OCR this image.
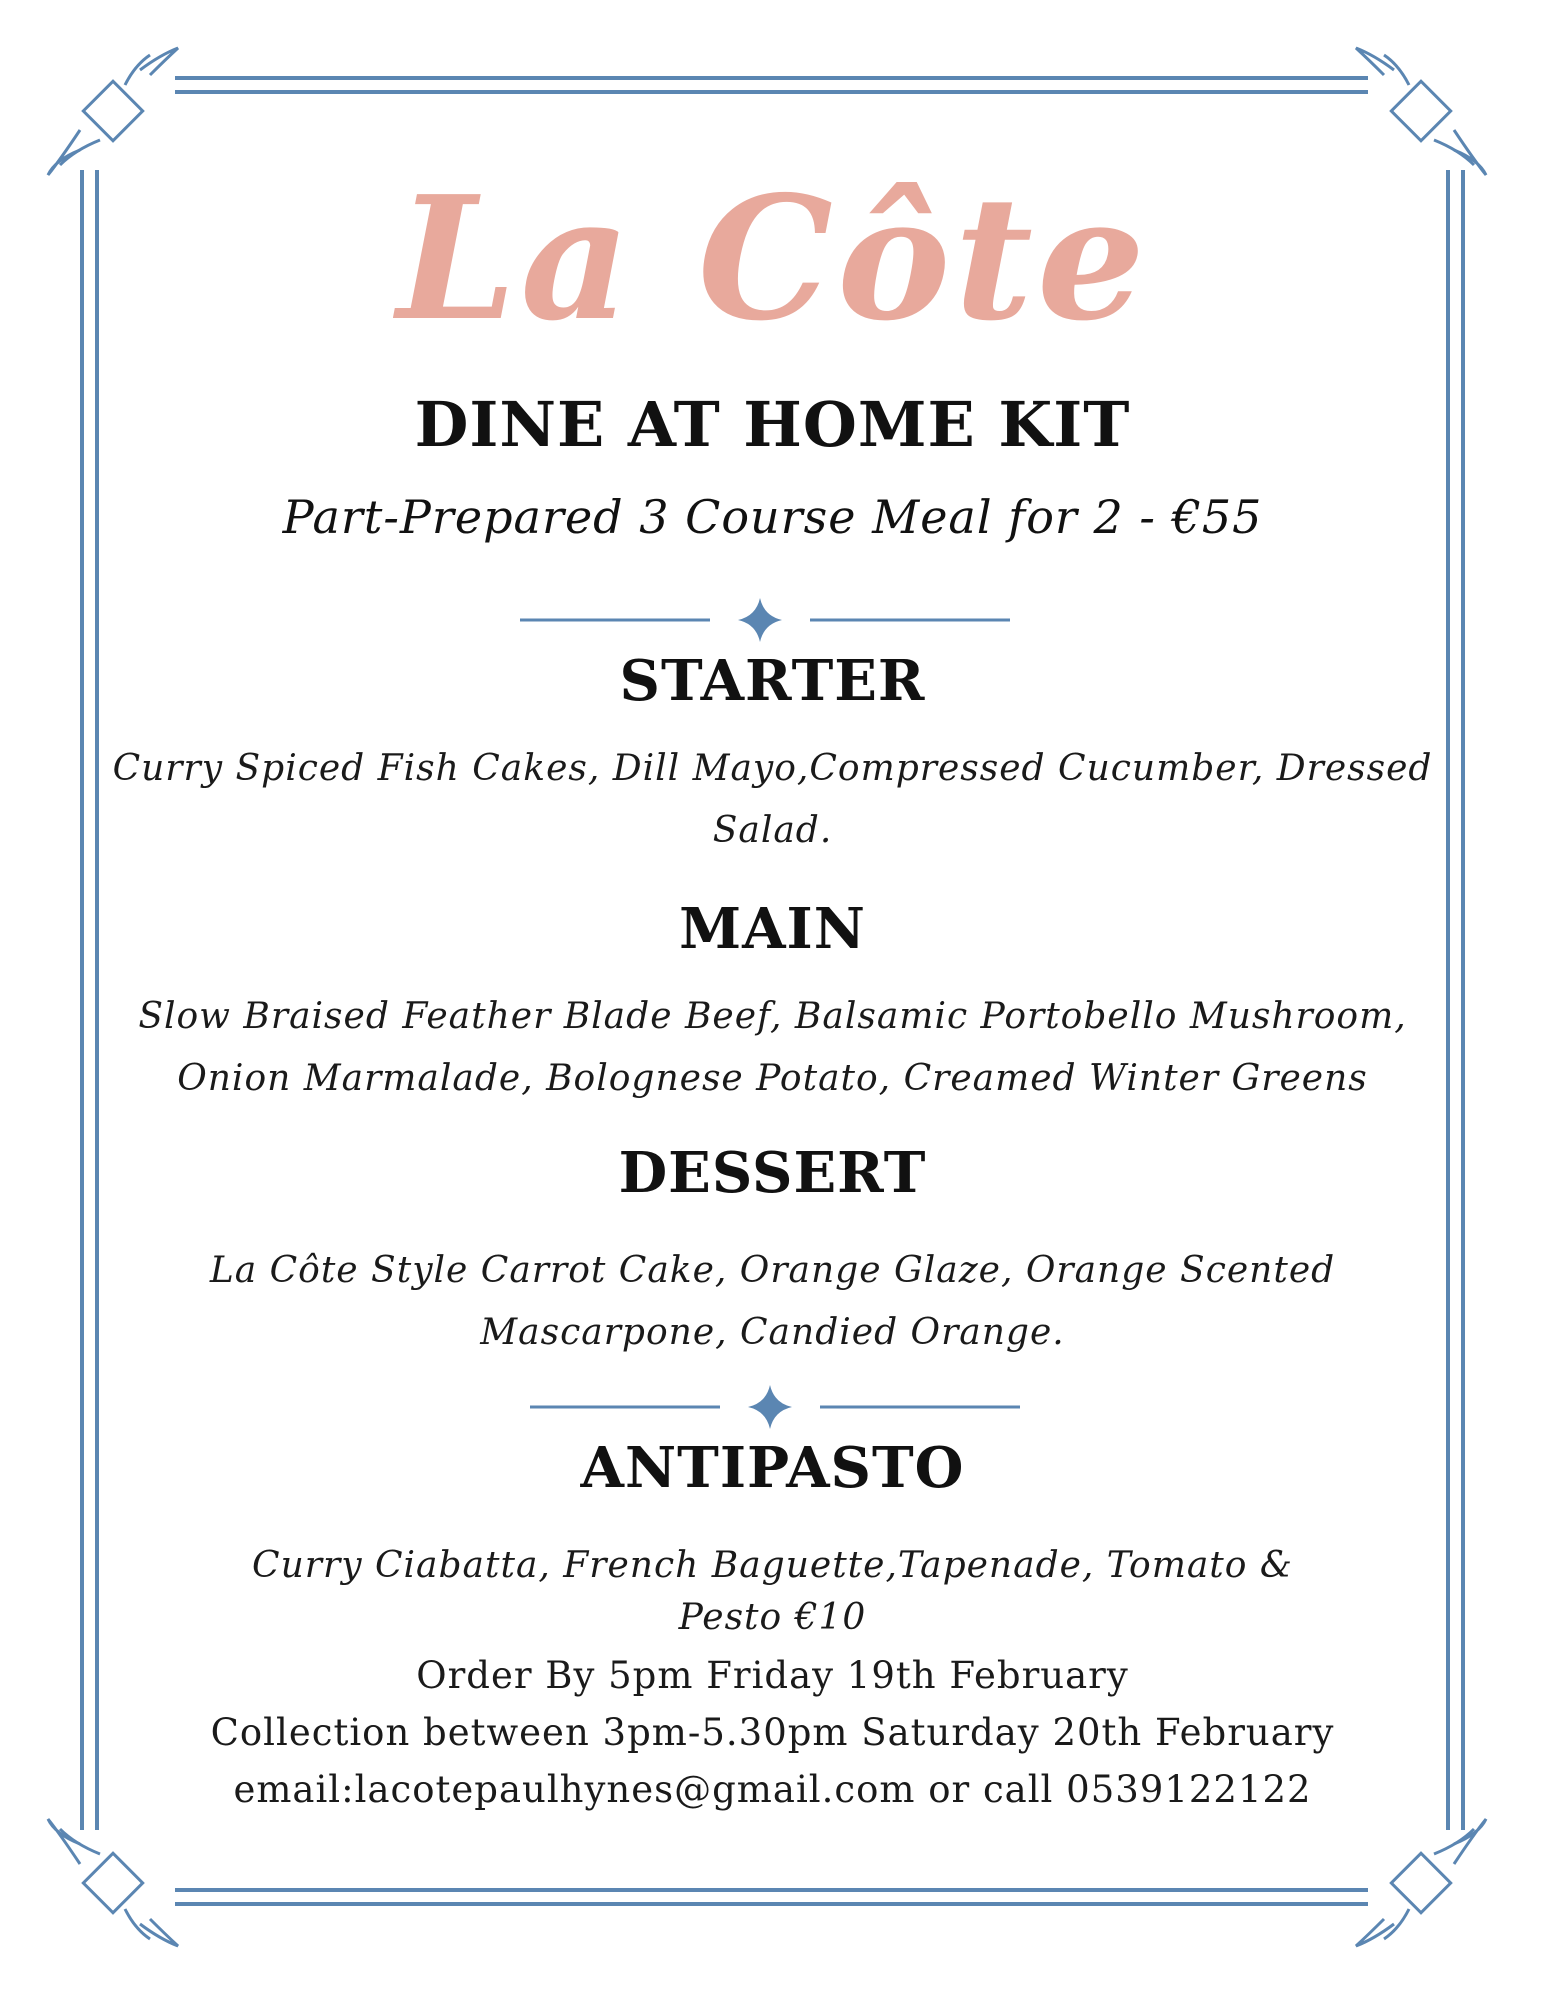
La Côte
DINE AT HOME KIT
Part-Prepared 3 Course Meal for 2 - €55
STARTER
Curry Spiced Fish Cakes, Dill Mayo,Compressed Cucumber, Dressed
Salad.
MAIN
Slow Braised Feather Blade Beef, Balsamic Portobello Mushroom,
Onion Marmalade, Bolognese Potato, Creamed Winter Greens
DESSERT
La Côte Style Carrot Cake, Orange Glaze, Orange Scented
Mascarpone, Candied Orange.
ANTIPASTO
Curry Ciabatta, French Baguette,Tapenade, Tomato &
Pesto €10
Order By 5pm Friday 19th February
Collection between 3pm-5.30pm Saturday 20th February
email:lacotepaulhynes@gmail.com or call 0539122122
